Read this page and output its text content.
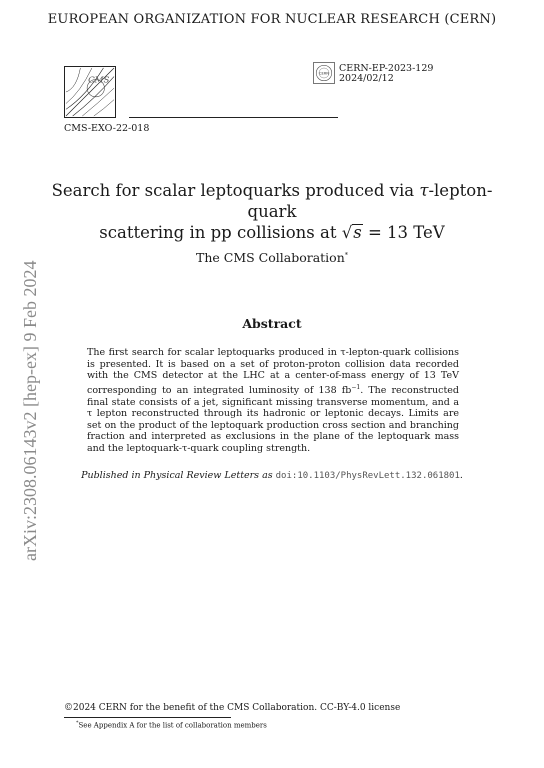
EUROPEAN ORGANIZATION FOR NUCLEAR RESEARCH (CERN)
CMS
CERN CERN-EP-2023-129
2024/02/12
CMS-EXO-22-018
Search for scalar leptoquarks produced via τ-lepton-quark
scattering in pp collisions at √s = 13 TeV
The CMS Collaboration*
Abstract
The first search for scalar leptoquarks produced in τ-lepton-quark collisions is presented. It is based on a set of proton-proton collision data recorded with the CMS detector at the LHC at a center-of-mass energy of 13 TeV corresponding to an integrated luminosity of 138 $fb^{-1}$. The reconstructed final state consists of a jet, significant missing transverse momentum, and a τ lepton reconstructed through its hadronic or leptonic decays. Limits are set on the product of the leptoquark production cross section and branching fraction and interpreted as exclusions in the plane of the leptoquark mass and the leptoquark-τ-quark coupling strength.
Published in Physical Review Letters as doi:10.1103/PhysRevLett.132.061801.
arXiv:2308.06143v2 [hep-ex] 9 Feb 2024
©2024 CERN for the benefit of the CMS Collaboration. CC-BY-4.0 license
*See Appendix A for the list of collaboration members
